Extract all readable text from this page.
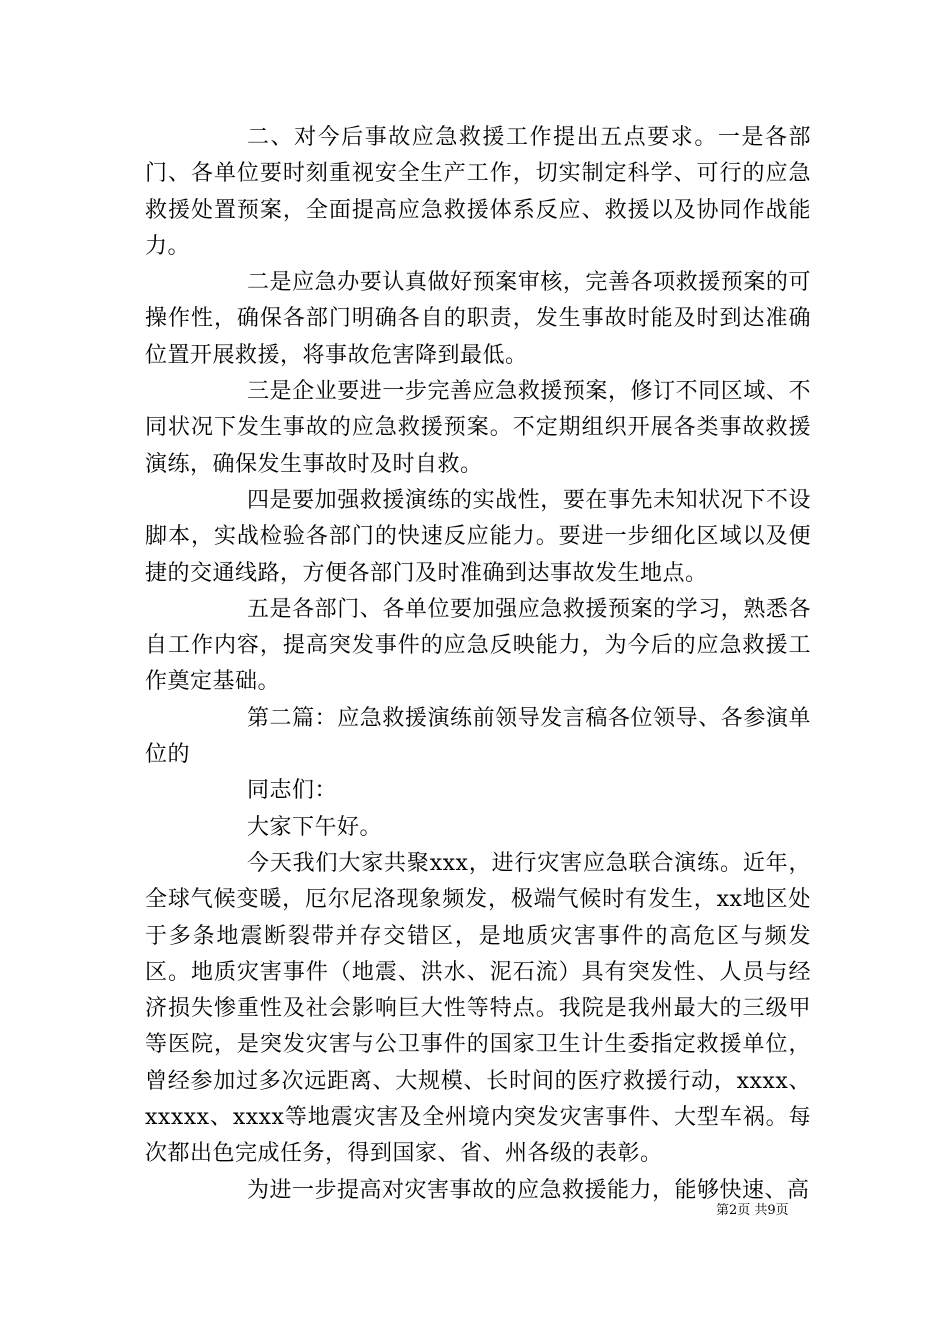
二、对今后事故应急救援工作提出五点要求。一是各部门、各单位要时刻重视安全生产工作，切实制定科学、可行的应急救援处置预案，全面提高应急救援体系反应、救援以及协同作战能力。

二是应急办要认真做好预案审核，完善各项救援预案的可操作性，确保各部门明确各自的职责，发生事故时能及时到达准确位置开展救援，将事故危害降到最低。

三是企业要进一步完善应急救援预案，修订不同区域、不同状况下发生事故的应急救援预案。不定期组织开展各类事故救援演练，确保发生事故时及时自救。

四是要加强救援演练的实战性，要在事先未知状况下不设脚本，实战检验各部门的快速反应能力。要进一步细化区域以及便捷的交通线路，方便各部门及时准确到达事故发生地点。

五是各部门、各单位要加强应急救援预案的学习，熟悉各自工作内容，提高突发事件的应急反映能力，为今后的应急救援工作奠定基础。

第二篇：应急救援演练前领导发言稿各位领导、各参演单位的

同志们：

大家下午好。

今天我们大家共聚xxx，进行灾害应急联合演练。近年，全球气候变暖，厄尔尼洛现象频发，极端气候时有发生，xx地区处于多条地震断裂带并存交错区，是地质灾害事件的高危区与频发区。地质灾害事件（地震、洪水、泥石流）具有突发性、人员与经济损失惨重性及社会影响巨大性等特点。我院是我州最大的三级甲等医院，是突发灾害与公卫事件的国家卫生计生委指定救援单位，曾经参加过多次远距离、大规模、长时间的医疗救援行动，xxxx、xxxxx、xxxx等地震灾害及全州境内突发灾害事件、大型车祸。每次都出色完成任务，得到国家、省、州各级的表彰。

为进一步提高对灾害事故的应急救援能力，能够快速、高

第2页 共9页
